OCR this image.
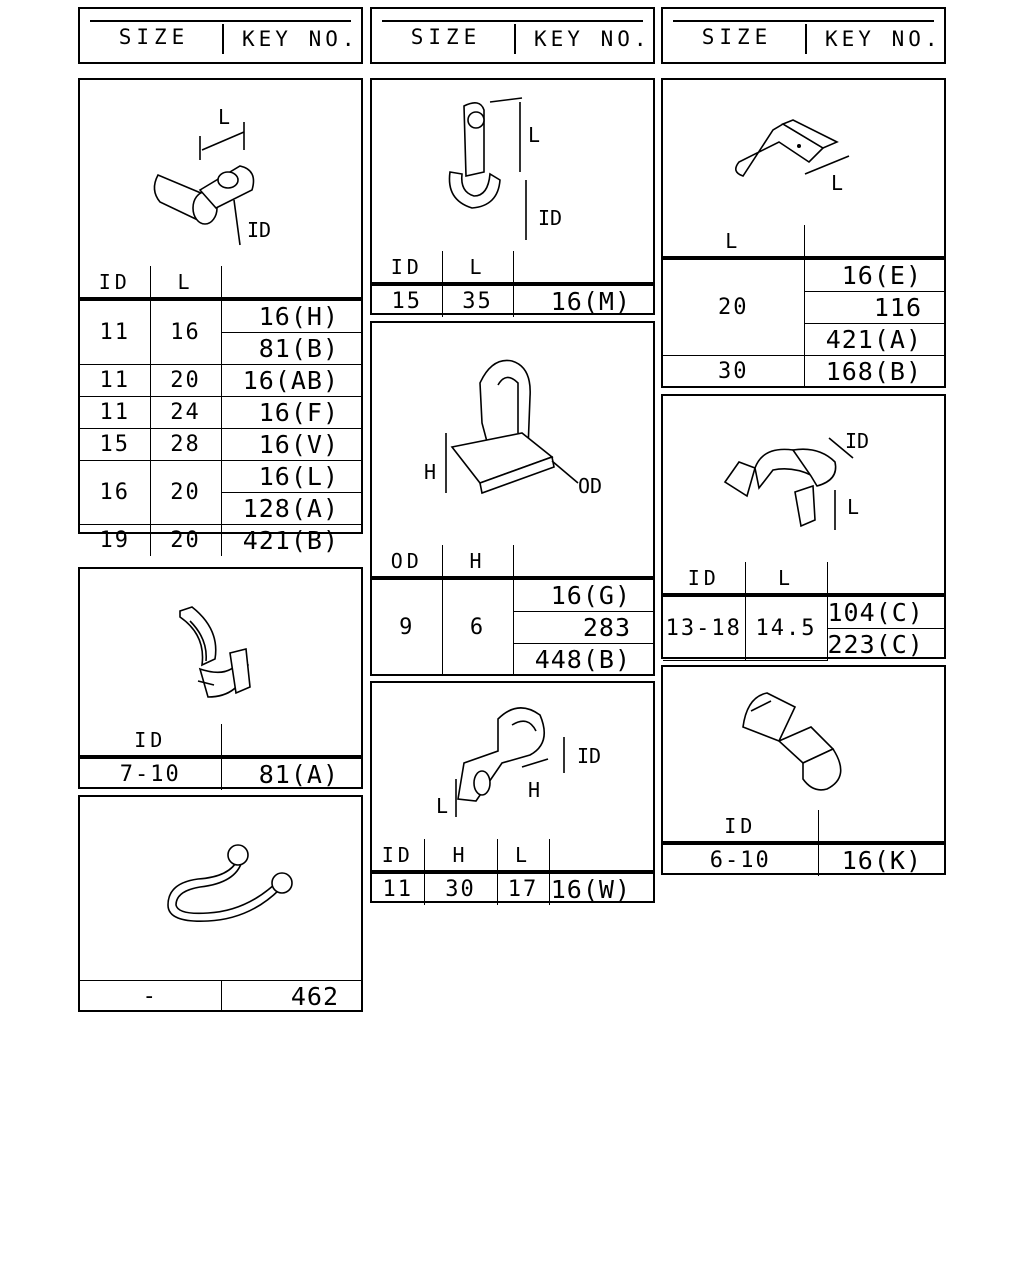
SIZE	KEY NO.	SIZE	KEY NO.	SIZE	KEY NO.
L
ID
ID	L	
11	16	16(H)
		81(B)
11	20	16(AB)
11	24	16(F)
15	28	16(V)
16	20	16(L)
		128(A)
19	20	421(B)
ID	
7-10	81(A)
-	462
L
ID
ID	L	
15	35	16(M)
H
OD
OD	H	
9	6	16(G)
		283
		448(B)
ID
H
L
ID	H	L	
11	30	17	16(W)
L
L	
20	16(E)
	116
	421(A)
30	168(B)
ID
L
ID	L	
13-18	14.5	104(C)
		223(C)
ID	
6-10	16(K)
